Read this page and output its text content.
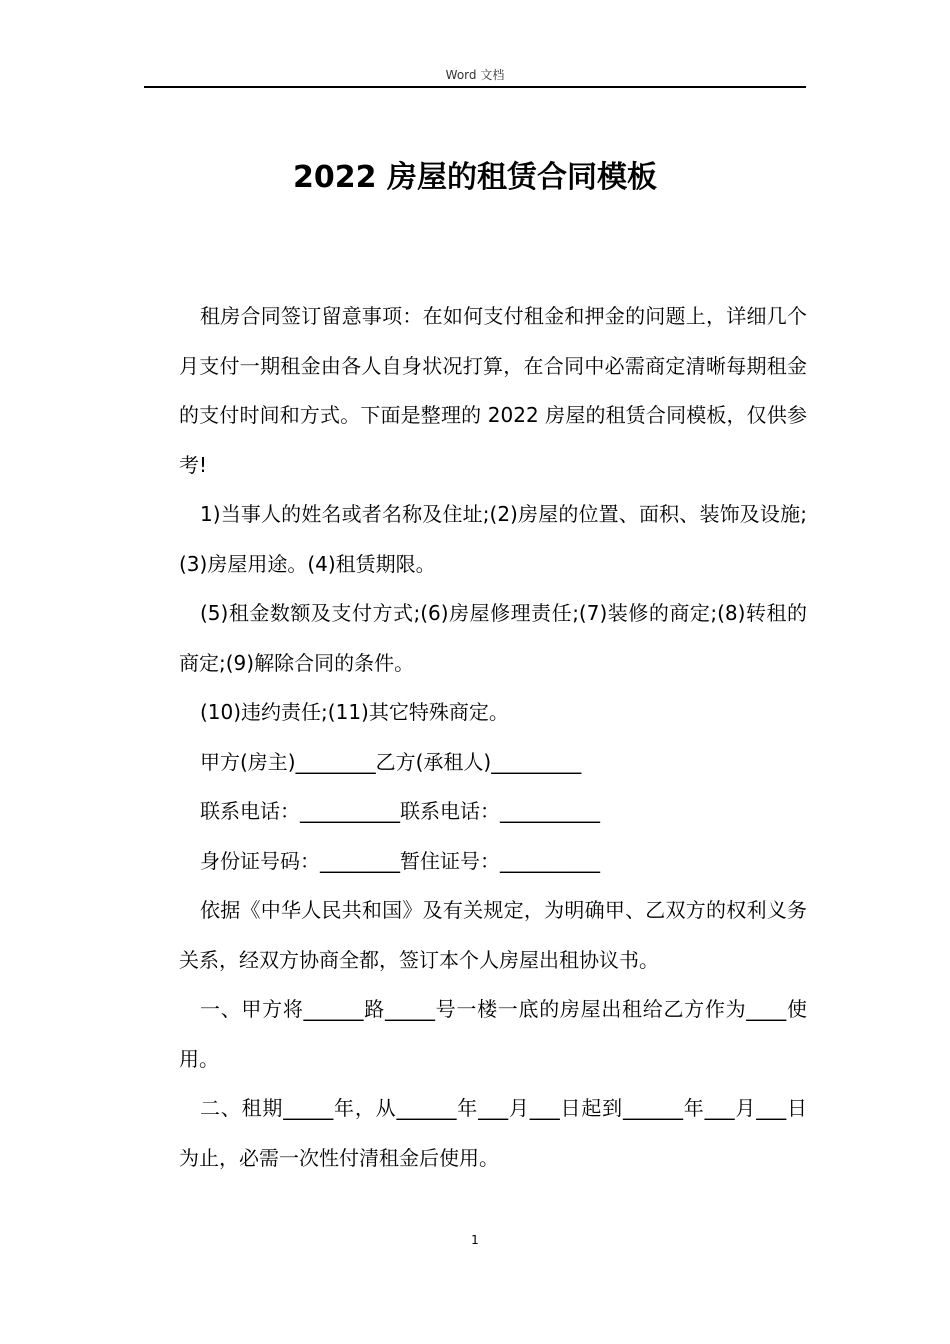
Word 文档
2022 房屋的租赁合同模板

租房合同签订留意事项：在如何支付租金和押金的问题上，详细几个月支付一期租金由各人自身状况打算，在合同中必需商定清晰每期租金的支付时间和方式。下面是整理的 2022 房屋的租赁合同模板，仅供参考!

1)当事人的姓名或者名称及住址;(2)房屋的位置、面积、装饰及设施;(3)房屋用途。(4)租赁期限。

(5)租金数额及支付方式;(6)房屋修理责任;(7)装修的商定;(8)转租的商定;(9)解除合同的条件。

(10)违约责任;(11)其它特殊商定。

甲方(房主)________乙方(承租人)_________

联系电话：__________联系电话：__________

身份证号码：________暂住证号：__________

依据《中华人民共和国》及有关规定，为明确甲、乙双方的权利义务关系，经双方协商全都，签订本个人房屋出租协议书。

一、甲方将______路_____号一楼一底的房屋出租给乙方作为____使用。

二、租期_____年，从______年___月___日起到______年___月___日为止，必需一次性付清租金后使用。

1
